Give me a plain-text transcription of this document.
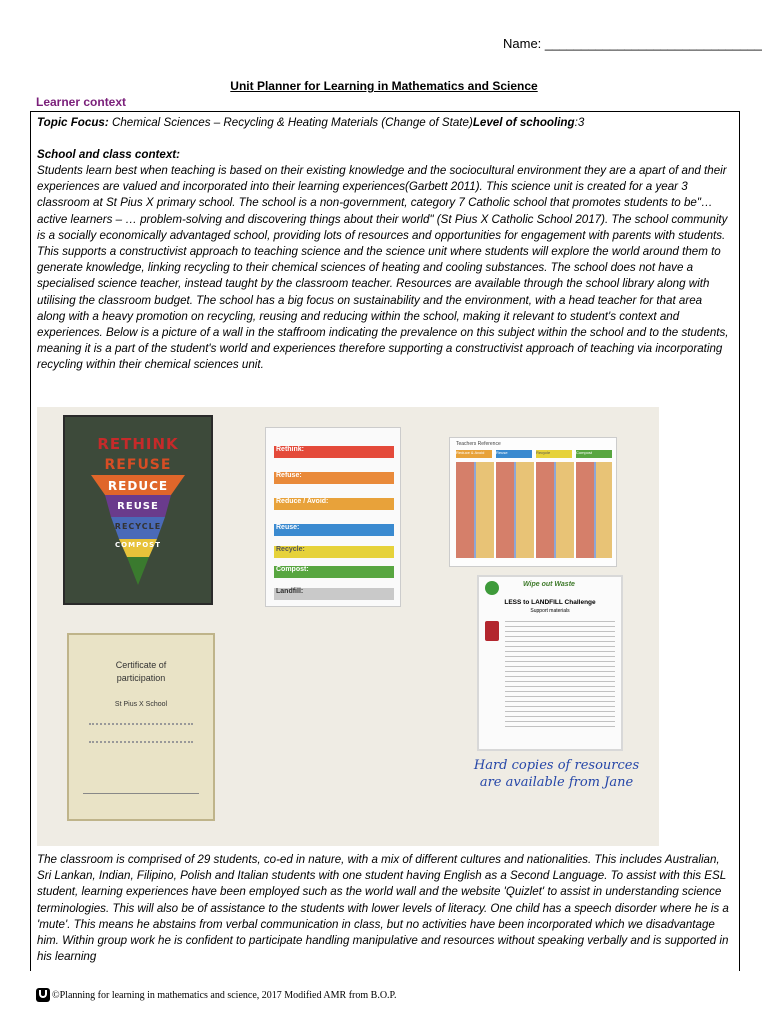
Name: ______________________________
Unit Planner for Learning in Mathematics and Science
Learner context

Topic Focus: Chemical Sciences – Recycling & Heating Materials (Change of State)Level of schooling:3

School and class context:

Students learn best when teaching is based on their existing knowledge and the sociocultural environment they are a apart of and their experiences are valued and incorporated into their learning experiences(Garbett 2011). This science unit is created for a year 3 classroom at St Pius X primary school. The school is a non-government, category 7 Catholic school that promotes students to be"…active learners – … problem-solving and discovering things about their world" (St Pius X Catholic School 2017). The school community is a socially economically advantaged school, providing lots of resources and opportunities for engagement with parents with students. This supports a constructivist approach to teaching science and the science unit where students will explore the world around them to generate knowledge, linking recycling to their chemical sciences of heating and cooling substances. The school does not have a specialised science teacher, instead taught by the classroom teacher. Resources are available through the school library along with utilising the classroom budget. The school has a big focus on sustainability and the environment, with a head teacher for that area along with a heavy promotion on recycling, reusing and reducing within the school, making it relevant to student's context and experiences. Below is a picture of a wall in the staffroom indicating the prevalence on this subject within the school and to the students, meaning it is a part of the student's world and experiences therefore supporting a constructivist approach of teaching via incorporating recycling within their chemical sciences unit.

RETHINK
REFUSE
REDUCE
REUSE
RECYCLE
COMPOST
Rethink:
Refuse:
Reduce / Avoid:
Reuse:
Recycle:
Compost:
Landfill:
Teachers Reference
Reduce & Avoid	Reuse	Recycle	Compost
Certificate of participation
St Pius X School
Wipe out Waste
LESS to LANDFILL Challenge
Support materials
Hard copies of resources are available from Jane

The classroom is comprised of 29 students, co-ed in nature, with a mix of different cultures and nationalities. This includes Australian, Sri Lankan, Indian, Filipino, Polish and Italian students with one student having English as a Second Language. To assist with this ESL student, learning experiences have been employed such as the world wall and the website 'Quizlet' to assist in understanding science terminologies. This will also be of assistance to the students with lower levels of literacy. One child has a speech disorder where he is a 'mute'. This means he abstains from verbal communication in class, but no activities have been incorporated which we disadvantage him. Within group work he is confident to participate handling manipulative and resources without speaking verbally and is supported in his learning

©Planning for learning in mathematics and science, 2017 Modified AMR from B.O.P.
